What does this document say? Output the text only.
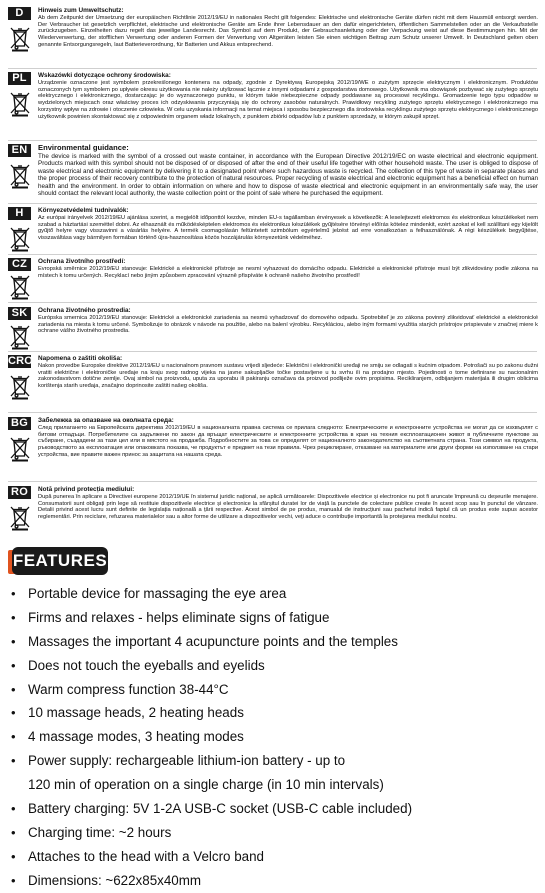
D	Hinweis zum Umweltschutz:
Ab dem Zeitpunkt der Umsetzung der europäischen Richtlinie 2012/19/EU in nationales Recht gilt folgendes: Elektrische und elektronische Geräte dürfen nicht mit dem Hausmüll entsorgt werden. Der Verbraucher ist gesetzlich verpflichtet, elektrische und elektronische Geräte am Ende ihrer Lebensdauer an den dafür eingerichteten, öffentlichen Sammelstellen oder an die Verkaufsstelle zurückzugeben. Einzelheiten dazu regelt das jeweilige Landesrecht. Das Symbol auf dem Produkt, der Gebrauchsanleitung oder der Verpackung weist auf diese Bestimmungen hin. Mit der Wiederverwertung, der stofflichen Verwertung oder anderen Formen der Verwertung von Altgeräten leisten Sie einen wichtigen Beitrag zum Schutz unserer Umwelt. In Deutschland gelten oben genannte Entsorgungsregeln, laut Batterieverordnung, für Batterien und Akkus entsprechend.
PL	Wskazówki dotyczące ochrony środowiska:
Urządzenie oznaczone jest symbolem przekreślonego kontenera na odpady, zgodnie z Dyrektywą Europejską 2012/19/WE o zużytym sprzęcie elektrycznym i elektronicznym. Produktów oznaczonych tym symbolem po upływie okresu użytkowania nie należy utylizować łącznie z innymi odpadami z gospodarstwa domowego. Użytkownik ma obowiązek pozbywać się zużytego sprzętu elektrycznego i elektronicznego, dostarczając je do wyznaczonego punktu, w którym takie niebezpieczne odpady poddawane są procesowi recyklingu. Gromadzenie tego typu odpadów w wydzielonych miejscach oraz właściwy proces ich odzyskiwania przyczyniają się do ochrony zasobów naturalnych. Prawidłowy recykling zużytego sprzętu elektrycznego i elektronicznego ma korzystny wpływ na zdrowie i otoczenie człowieka. W celu uzyskania informacji na temat miejsca i sposobu bezpiecznego dla środowiska recyklingu zużytego sprzętu elektrycznego i elektronicznego użytkownik powinien skontaktować się z odpowiednim organem władz lokalnych, z punktem zbiórki odpadów lub z punktem sprzedaży, w którym zakupił sprzęt.
EN	Environmental guidance:
The device is marked with the symbol of a crossed out waste container, in accordance with the European Directive 2012/19/EC on waste electrical and electronic equipment. Products marked with this symbol should not be disposed of or disposed of after the end of their useful life together with other household waste. The user is obliged to dispose of waste electrical and electronic equipment by delivering it to a designated point where such hazardous waste is recycled. The collection of this type of waste in separate places and the proper process of their recovery contribute to the protection of natural resources. Proper recycling of waste electrical and electronic equipment has a beneficial effect on human health and the environment. In order to obtain information on where and how to dispose of waste electrical and electronic equipment in an environmentally safe way, the user should contact the relevant local authority, the waste collection point or the point of sale where he purchased the equipment.
H	Környezetvédelmi tudnivalók:
Az európai irányelvek 2012/19/EU ajánlása szerint, a megjelölt időponttól kezdve, minden EU-s tagállamban érvényesek a következők: A leselejtezett elektromos és elektronikus készülékeket nem szabad a háztartási szeméttel dobni. Az elhasznált és működésképtelen elektromos és elektronikus készülékek gyűjtésére törvényi előírás kötelez mindenkit, ezért azokat el kell szállítani egy kijelölt gyűjtő helyre vagy visszavinni a vásárlás helyére. A termék csomagolásán feltüntetett szimbólum egyértelmű jelzést ad erre vonatkozóan a felhasználónak. A régi készülékek begyűjtése, visszaváltása vagy bármilyen formában történő újra-hasznosítása közös hozzájárulás környezetünk védelméhez.
CZ	Ochrana životního prostředí:
Evropská směrnice 2012/19/EU stanovuje: Elektrické a elektronické přístroje se nesmí vyhazovat do domácího odpadu. Elektrické a elektronické přístroje musí být zlikvidovány podle zákona na místech k tomu určených. Recyklací nebo jiným způsobem zpracování výrazně přispíváte k ochraně našeho životního prostředí!
SK	Ochrana životného prostredia:
Európska smernica 2012/19/EU stanovuje: Elektrické a elektronické zariadenia sa nesmú vyhadzovať do domového odpadu. Spotrebiteľ je zo zákona povinný zlikvidovať elektrické a elektronické zariadenia na miesta k tomu určené. Symbolizuje to obrázok v návode na použitie, alebo na balení výrobku. Recykláciou, alebo iným formami využitia starých prístrojov prispievate v značnej miere k ochrane vášho životného prostredia.
CRO Napomena o zaštiti okoliša:
Nakon provedbe Europske direktive 2012/19/EU u nacionalnom pravnom sustavu vrijedi sljedeće: Električni i elektronički uređaji ne smiju se odlagati s kućnim otpadom. Potrošači su po zakonu dužni vratiti električne i elektroničke uređaje na kraju svog radnog vijeka na javne sakupljačke točke postavljene u tu svrhu ili na prodajno mjesto. Pojedinosti o tome definirane su nacionalnim zakonodavstvom dotične zemlje. Ovaj simbol na proizvodu, uputa za uporabu ili pakiranju označava da proizvod podliježe ovim propisima. Recikliranjem, odbijanjem materijala ili drugim oblicima korištenja starih uređaja, značajno doprinosite zaštiti našeg okoliša.
BG	Забележка за опазване на околната среда:
След прилагането на Европейската директива 2012/19/EU в националната правна система се прилага следното: Електрическите и електронните устройства не могат да се изхвърлят с битови отпадъци. Потребителите са задължени по закон да връщат електрическите и електронните устройства в края на техния експлоатационен живот в публичните пунктове за събиране, създадени за тази цел или в мястото на продажба. Подробностите за това се определят от националното законодателство на съответната страна. Този символ на продукта, ръководството за експлоатация или опаковката показва, че продуктът е предмет на тези правила. Чрез рециклиране, отказване на материалите или други форми на използване на стари устройства, вие правите важен принос за защитата на нашата среда.
RO	Notă privind protecția mediului:
După punerea în aplicare a Directivei europene 2012/19/UE în sistemul juridic național, se aplică următoarele: Dispozitivele electrice și electronice nu pot fi aruncate împreună cu deșeurile menajere. Consumatorii sunt obligați prin lege să restituie dispozitivele electrice și electronice la sfârșitul duratei lor de viață la punctele de colectare publice create în acest scop sau în punctul de vânzare. Detalii privind acest lucru sunt definite de legislația națională a țării respective. Acest simbol de pe produs, manualul de instrucțiuni sau pachetul indică faptul că un produs este supus acestor reglementări. Prin reciclare, refuzarea materialelor sau a altor forme de utilizare a dispozitivelor vechi, veți aduce o contribuție importantă la protejarea mediului nostru.
FEATURES
• Portable device for massaging the eye area
• Firms and relaxes - helps eliminate signs of fatigue
• Massages the important 4 acupuncture points and the temples
• Does not touch the eyeballs and eyelids
• Warm compress function 38-44°C
• 10 massage heads, 2 heating heads
• 4 massage modes, 3 heating modes
• Power supply: rechargeable lithium-ion battery - up to
120 min of operation on a single charge (in 10 min intervals)
• Battery charging: 5V 1-2A USB-C socket (USB-C cable included)
• Charging time: ~2 hours
• Attaches to the head with a Velcro band
• Dimensions: ~622x85x40mm
